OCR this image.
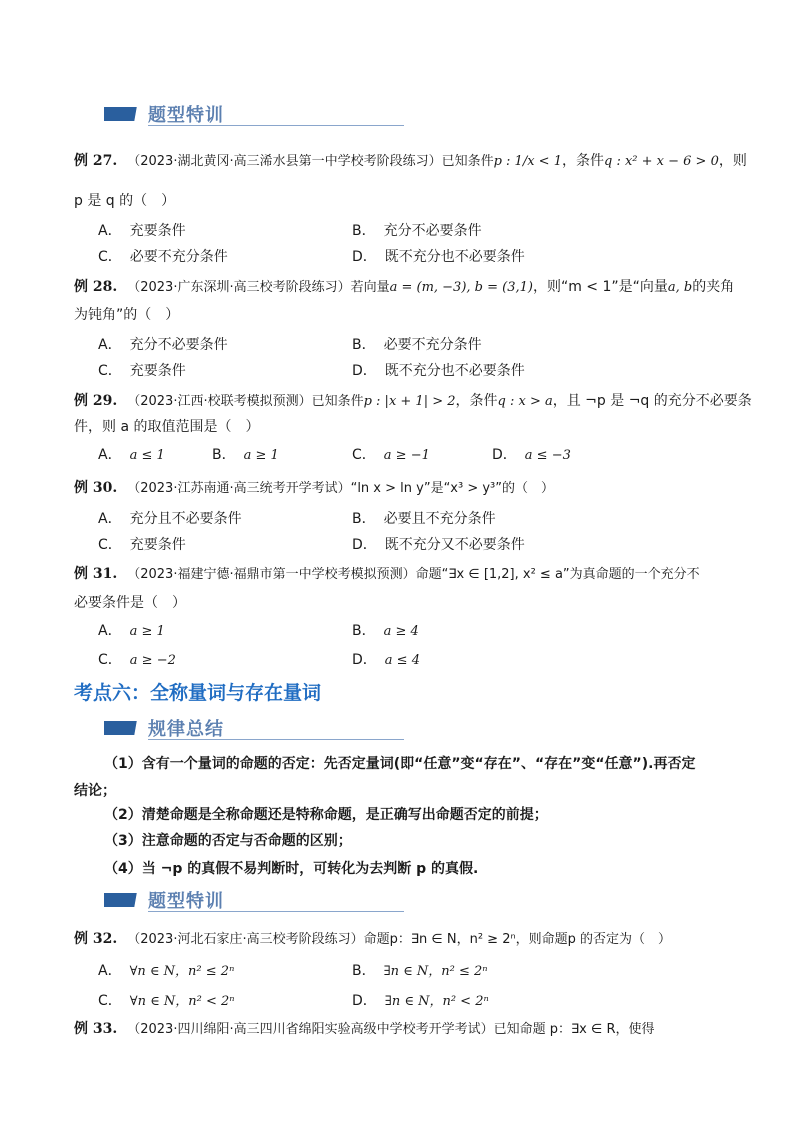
题型特训
例 27. （2023·湖北黄冈·高三浠水县第一中学校考阶段练习）已知条件p : 1/x < 1，条件q : x² + x − 6 > 0，则
p 是 q 的（　）
A． 充要条件	B． 充分不必要条件
C． 必要不充分条件	D． 既不充分也不必要条件
例 28. （2023·广东深圳·高三校考阶段练习）若向量a = (m, −3), b = (3,1)，则“m < 1”是“向量a, b的夹角
为钝角”的（　）
A． 充分不必要条件	B． 必要不充分条件
C． 充要条件	D． 既不充分也不必要条件
例 29. （2023·江西·校联考模拟预测）已知条件p : |x + 1| > 2，条件q : x > a，且 ¬p 是 ¬q 的充分不必要条
件，则 a 的取值范围是（　）
A． a ≤ 1	B． a ≥ 1	C． a ≥ −1	D． a ≤ −3
例 30. （2023·江苏南通·高三统考开学考试）“ln x > ln y”是“x³ > y³”的（　）
A． 充分且不必要条件	B． 必要且不充分条件
C． 充要条件	D． 既不充分又不必要条件
例 31. （2023·福建宁德·福鼎市第一中学校考模拟预测）命题“∃x ∈ [1,2], x² ≤ a”为真命题的一个充分不
必要条件是（　）
A． a ≥ 1	B． a ≥ 4
C． a ≥ −2	D． a ≤ 4
考点六：全称量词与存在量词
规律总结
（1）含有一个量词的命题的否定：先否定量词(即“任意”变“存在”、“存在”变“任意”).再否定
结论；
（2）清楚命题是全称命题还是特称命题，是正确写出命题否定的前提；
（3）注意命题的否定与否命题的区别；
（4）当 ¬p 的真假不易判断时，可转化为去判断 p 的真假.
题型特训
例 32. （2023·河北石家庄·高三校考阶段练习）命题p：∃n ∈ N，n² ≥ 2ⁿ，则命题p 的否定为（　）
A． ∀n ∈ N，n² ≤ 2ⁿ	B． ∃n ∈ N，n² ≤ 2ⁿ
C． ∀n ∈ N，n² < 2ⁿ	D． ∃n ∈ N，n² < 2ⁿ
例 33. （2023·四川绵阳·高三四川省绵阳实验高级中学校考开学考试）已知命题 p：∃x ∈ R，使得
